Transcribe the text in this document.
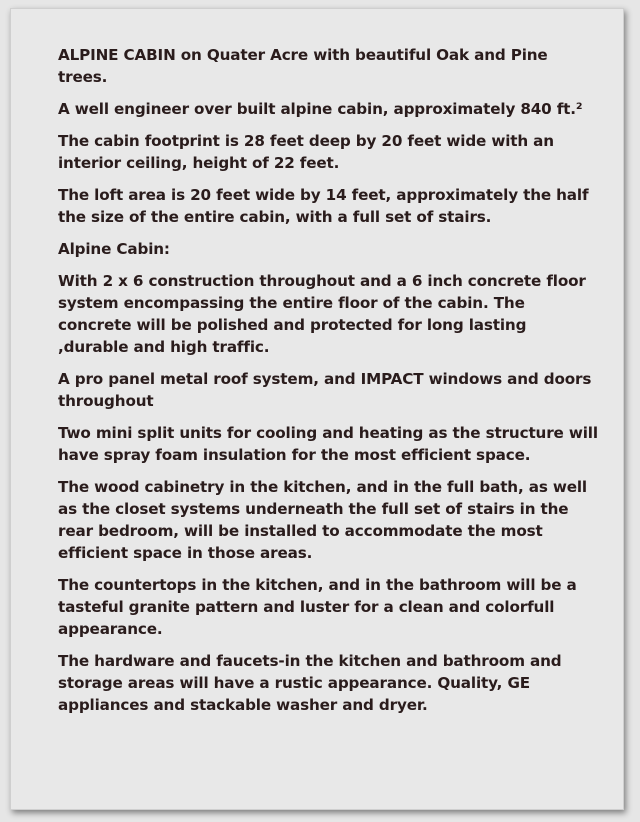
ALPINE CABIN on Quater Acre with beautiful Oak and Pine trees.

A well engineer over built alpine cabin, approximately 840 ft.²

The cabin footprint is 28 feet deep by 20 feet wide with an interior ceiling, height of 22 feet.

The loft area is 20 feet wide by 14 feet, approximately the half the size of the entire cabin, with a full set of stairs.

Alpine Cabin:

With 2 x 6 construction throughout and a 6 inch concrete floor system encompassing the entire floor of the cabin. The concrete will be polished and protected for long lasting ,durable and high traffic.

A pro panel metal roof system, and IMPACT windows and doors throughout

Two mini split units for cooling and heating as the structure will have spray foam insulation for the most efficient space.

The wood cabinetry in the kitchen, and in the full bath, as well as the closet systems underneath the full set of stairs in the rear bedroom, will be installed to accommodate the most efficient space in those areas.

The countertops in the kitchen, and in the bathroom will be a tasteful granite pattern and luster for a clean and colorfull appearance.

The hardware and faucets-in the kitchen and bathroom and storage areas will have a rustic appearance. Quality, GE appliances and stackable washer and dryer.
